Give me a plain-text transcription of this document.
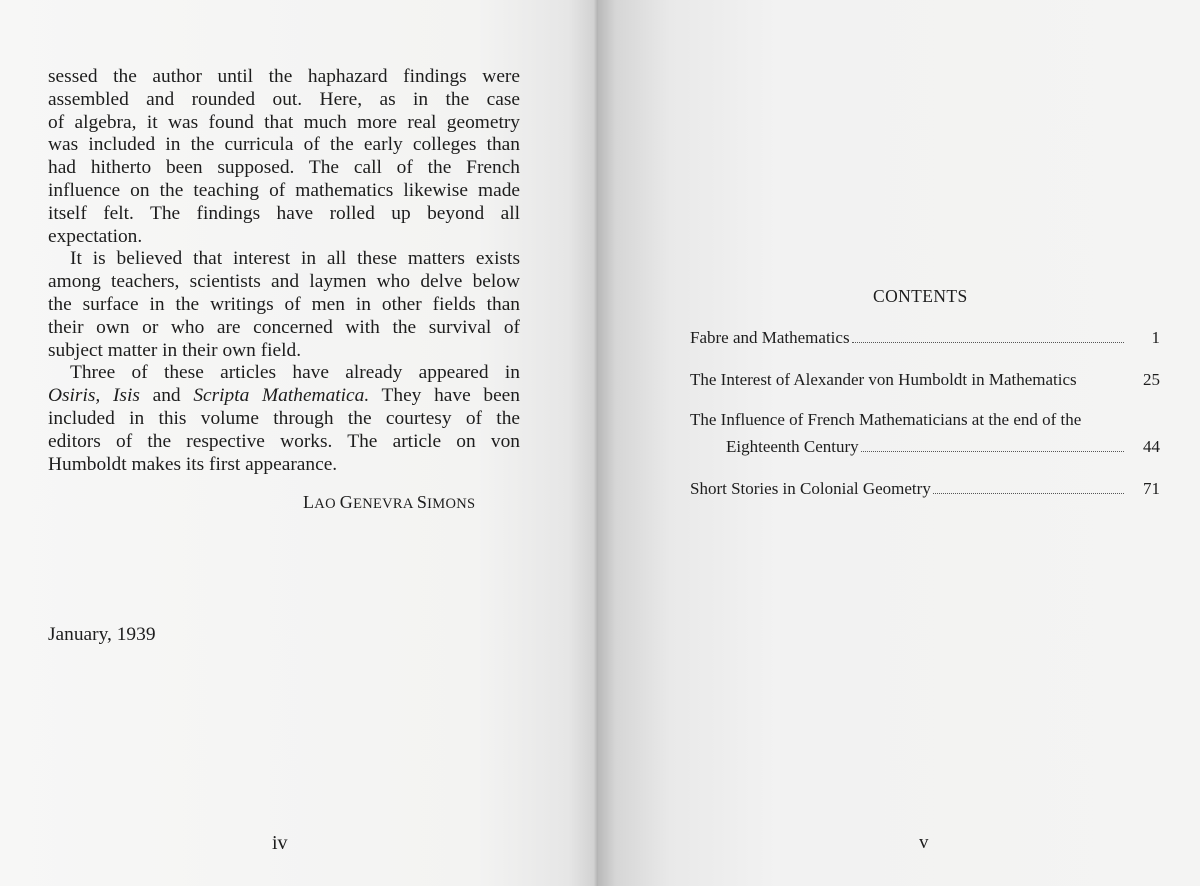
sessed the author until the haphazard findings were
assembled and rounded out. Here, as in the case
of algebra, it was found that much more real geometry
was included in the curricula of the early colleges than
had hitherto been supposed. The call of the French
influence on the teaching of mathematics likewise made
itself felt. The findings have rolled up beyond all
expectation.
It is believed that interest in all these matters exists
among teachers, scientists and laymen who delve below
the surface in the writings of men in other fields than
their own or who are concerned with the survival of
subject matter in their own field.
Three of these articles have already appeared in
Osiris, Isis and Scripta Mathematica. They have been
included in this volume through the courtesy of the
editors of the respective works. The article on von
Humboldt makes its first appearance.
LAO GENEVRA SIMONS
January, 1939
iv
CONTENTS
Fabre and Mathematics	1
The Interest of Alexander von Humboldt in Mathematics	25
The Influence of French Mathematicians at the end of the
Eighteenth Century	44
Short Stories in Colonial Geometry	71
v
